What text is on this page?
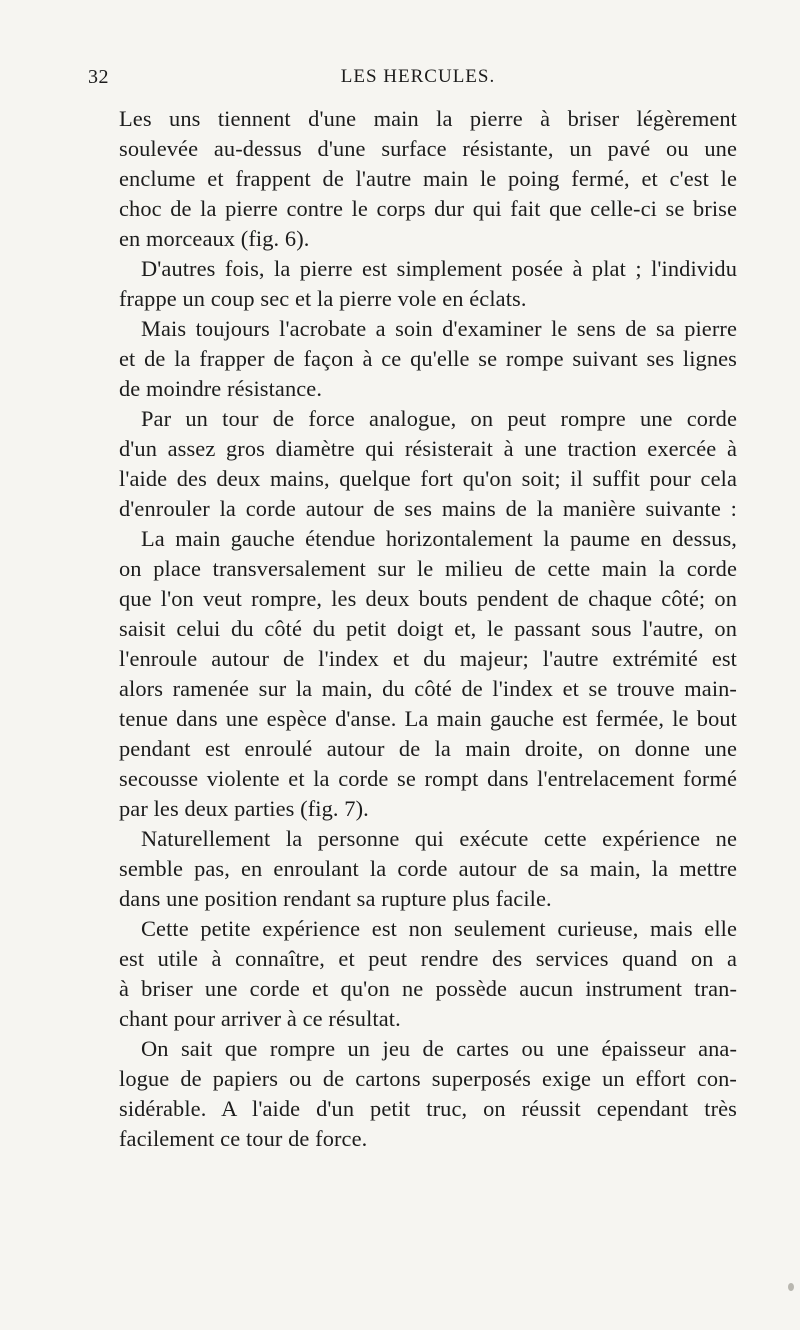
32	LES HERCULES.
Les uns tiennent d'une main la pierre à briser légèrement
soulevée au-dessus d'une surface résistante, un pavé ou une
enclume et frappent de l'autre main le poing fermé, et c'est le
choc de la pierre contre le corps dur qui fait que celle-ci se brise
en morceaux (fig. 6).
D'autres fois, la pierre est simplement posée à plat ; l'individu
frappe un coup sec et la pierre vole en éclats.
Mais toujours l'acrobate a soin d'examiner le sens de sa pierre
et de la frapper de façon à ce qu'elle se rompe suivant ses lignes
de moindre résistance.
Par un tour de force analogue, on peut rompre une corde
d'un assez gros diamètre qui résisterait à une traction exercée à
l'aide des deux mains, quelque fort qu'on soit; il suffit pour cela
d'enrouler la corde autour de ses mains de la manière suivante :
La main gauche étendue horizontalement la paume en dessus,
on place transversalement sur le milieu de cette main la corde
que l'on veut rompre, les deux bouts pendent de chaque côté; on
saisit celui du côté du petit doigt et, le passant sous l'autre, on
l'enroule autour de l'index et du majeur; l'autre extrémité est
alors ramenée sur la main, du côté de l'index et se trouve main-
tenue dans une espèce d'anse. La main gauche est fermée, le bout
pendant est enroulé autour de la main droite, on donne une
secousse violente et la corde se rompt dans l'entrelacement formé
par les deux parties (fig. 7).
Naturellement la personne qui exécute cette expérience ne
semble pas, en enroulant la corde autour de sa main, la mettre
dans une position rendant sa rupture plus facile.
Cette petite expérience est non seulement curieuse, mais elle
est utile à connaître, et peut rendre des services quand on a
à briser une corde et qu'on ne possède aucun instrument tran-
chant pour arriver à ce résultat.
On sait que rompre un jeu de cartes ou une épaisseur ana-
logue de papiers ou de cartons superposés exige un effort con-
sidérable. A l'aide d'un petit truc, on réussit cependant très
facilement ce tour de force.
